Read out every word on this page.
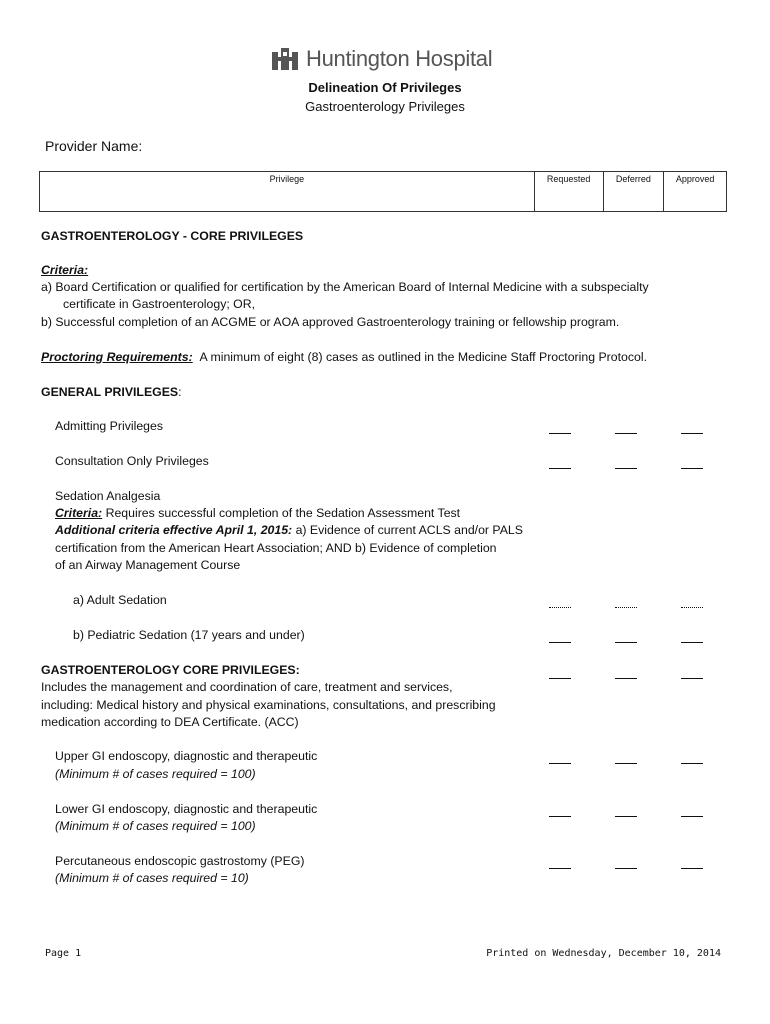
Huntington Hospital
Delineation Of Privileges
Gastroenterology Privileges
Provider Name:
Privilege	Requested	Deferred	Approved
GASTROENTEROLOGY - CORE PRIVILEGES
Criteria:
a) Board Certification or qualified for certification by the American Board of Internal Medicine with a subspecialty
certificate in Gastroenterology; OR,
b) Successful completion of an ACGME or AOA approved Gastroenterology training or fellowship program.
Proctoring Requirements: A minimum of eight (8) cases as outlined in the Medicine Staff Proctoring Protocol.
GENERAL PRIVILEGES:
Admitting Privileges
Consultation Only Privileges
Sedation Analgesia
Criteria: Requires successful completion of the Sedation Assessment Test
Additional criteria effective April 1, 2015: a) Evidence of current ACLS and/or PALS
certification from the American Heart Association; AND b) Evidence of completion
of an Airway Management Course
a) Adult Sedation
b) Pediatric Sedation (17 years and under)
GASTROENTEROLOGY CORE PRIVILEGES:
Includes the management and coordination of care, treatment and services,
including: Medical history and physical examinations, consultations, and prescribing
medication according to DEA Certificate. (ACC)
Upper GI endoscopy, diagnostic and therapeutic
(Minimum # of cases required = 100)
Lower GI endoscopy, diagnostic and therapeutic
(Minimum # of cases required = 100)
Percutaneous endoscopic gastrostomy (PEG)
(Minimum # of cases required = 10)
Page 1	Printed on Wednesday, December 10, 2014
